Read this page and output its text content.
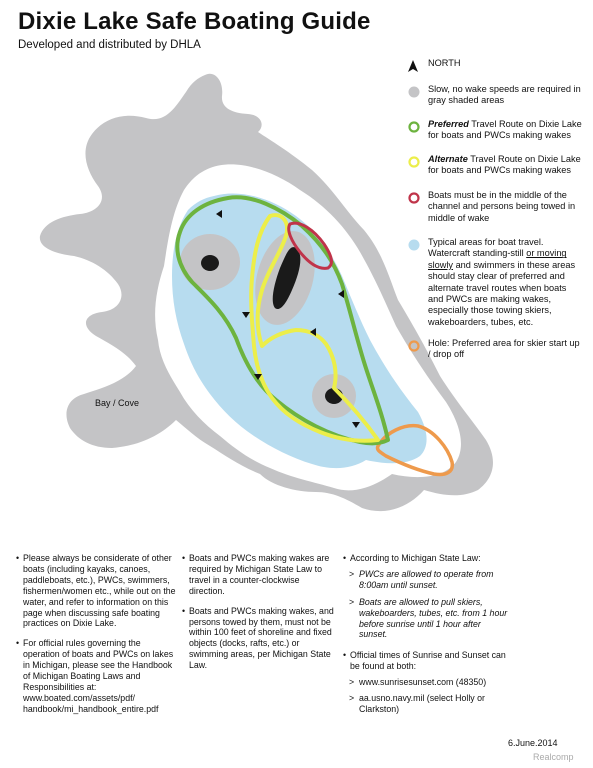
Dixie Lake Safe Boating Guide
Developed and distributed by DHLA
Bay / Cove
NORTH
Slow, no wake speeds are required in gray shaded areas
Preferred Travel Route on Dixie Lake for boats and PWCs making wakes
Alternate Travel Route on Dixie Lake for boats and PWCs making wakes
Boats must be in the middle of the channel and persons being towed in middle of wake
Typical areas for boat travel. Watercraft standing-still or moving slowly and swimmers in these areas should stay clear of preferred and alternate travel routes when boats and PWCs are making wakes, especially those towing skiers, wakeboarders, tubes, etc.
Hole: Preferred area for skier start up / drop off

• Please always be considerate of other boats (including kayaks, canoes, paddleboats, etc.), PWCs, swimmers, fishermen/women etc., while out on the water, and refer to information on this page when discussing safe boating practices on Dixie Lake.

• For official rules governing the operation of boats and PWCs on lakes in Michigan, please see the Handbook of Michigan Boating Laws and Responsibilities at: www.boated.com/assets/pdf/ handbook/mi_handbook_entire.pdf

• Boats and PWCs making wakes are required by Michigan State Law to travel in a counter-clockwise direction.

• Boats and PWCs making wakes, and persons towed by them, must not be within 100 feet of shoreline and fixed objects (docks, rafts, etc.) or swimming areas, per Michigan State Law.

• According to Michigan State Law:

> PWCs are allowed to operate from 8:00am until sunset.
> Boats are allowed to pull skiers, wakeboarders, tubes, etc. from 1 hour before sunrise until 1 hour after sunset.

• Official times of Sunrise and Sunset can be found at both:

> www.sunrisesunset.com (48350)
> aa.usno.navy.mil (select Holly or Clarkston)
6.June.2014
Realcomp
